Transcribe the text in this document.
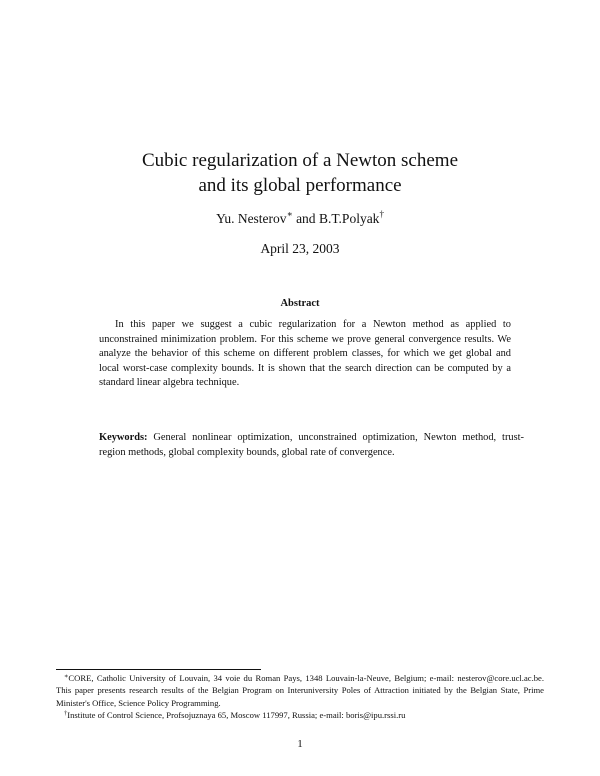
Cubic regularization of a Newton scheme
and its global performance
Yu. Nesterov∗ and B.T.Polyak†
April 23, 2003
Abstract
In this paper we suggest a cubic regularization for a Newton method as applied to unconstrained minimization problem. For this scheme we prove general convergence results. We analyze the behavior of this scheme on different problem classes, for which we get global and local worst-case complexity bounds. It is shown that the search direction can be computed by a standard linear algebra technique.
Keywords: General nonlinear optimization, unconstrained optimization, Newton method, trust-region methods, global complexity bounds, global rate of convergence.

∗CORE, Catholic University of Louvain, 34 voie du Roman Pays, 1348 Louvain-la-Neuve, Belgium; e-mail: nesterov@core.ucl.ac.be. This paper presents research results of the Belgian Program on Interuniversity Poles of Attraction initiated by the Belgian State, Prime Minister's Office, Science Policy Programming.

†Institute of Control Science, Profsojuznaya 65, Moscow 117997, Russia; e-mail: boris@ipu.rssi.ru

1
